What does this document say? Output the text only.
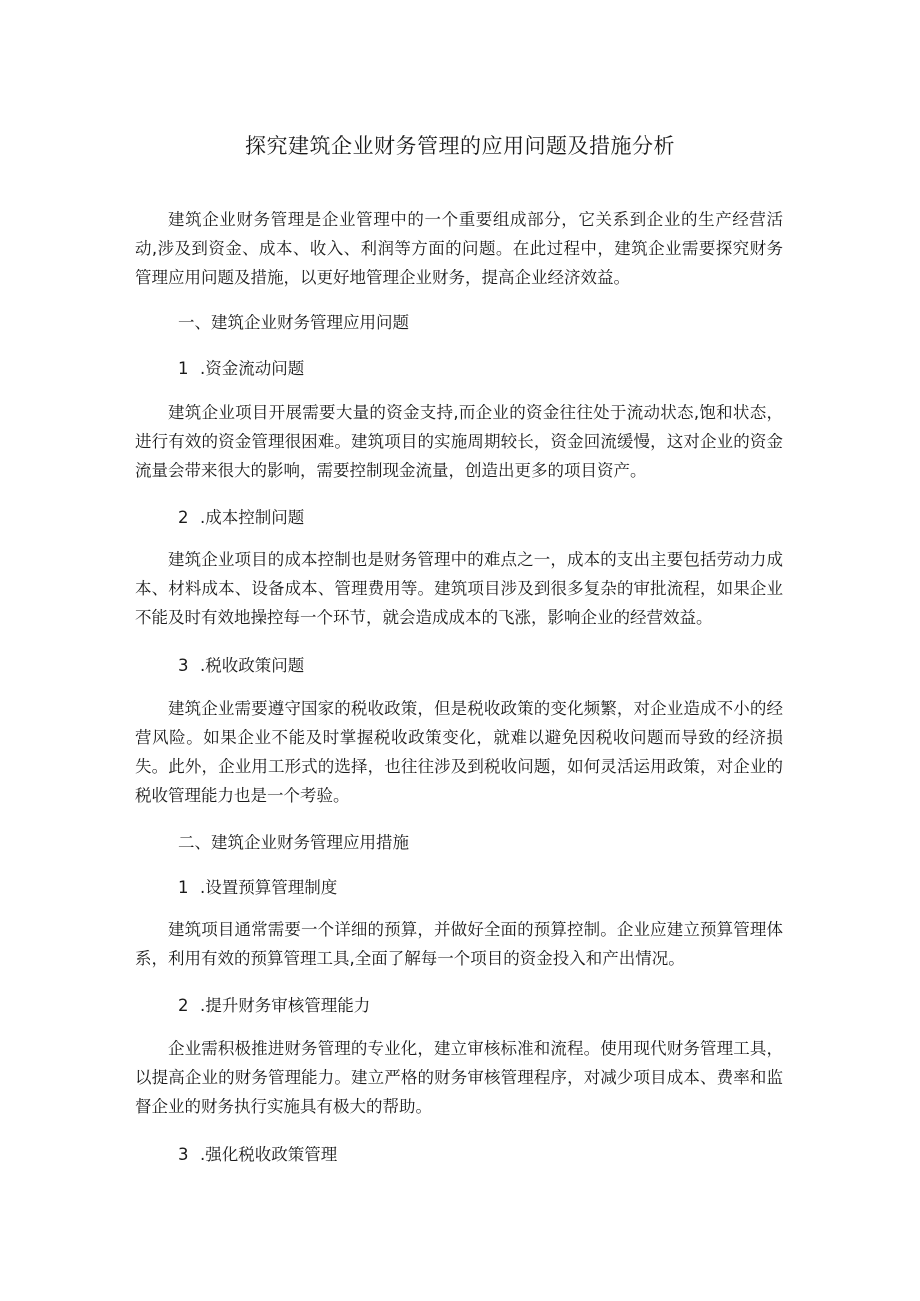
探究建筑企业财务管理的应用问题及措施分析
建筑企业财务管理是企业管理中的一个重要组成部分，它关系到企业的生产经营活动,涉及到资金、成本、收入、利润等方面的问题。在此过程中，建筑企业需要探究财务管理应用问题及措施，以更好地管理企业财务，提高企业经济效益。
一、建筑企业财务管理应用问题
1 .资金流动问题
建筑企业项目开展需要大量的资金支持,而企业的资金往往处于流动状态,饱和状态，进行有效的资金管理很困难。建筑项目的实施周期较长，资金回流缓慢，这对企业的资金流量会带来很大的影响，需要控制现金流量，创造出更多的项目资产。
2 .成本控制问题
建筑企业项目的成本控制也是财务管理中的难点之一，成本的支出主要包括劳动力成本、材料成本、设备成本、管理费用等。建筑项目涉及到很多复杂的审批流程，如果企业不能及时有效地操控每一个环节，就会造成成本的飞涨，影响企业的经营效益。
3 .税收政策问题
建筑企业需要遵守国家的税收政策，但是税收政策的变化频繁，对企业造成不小的经营风险。如果企业不能及时掌握税收政策变化，就难以避免因税收问题而导致的经济损失。此外，企业用工形式的选择，也往往涉及到税收问题，如何灵活运用政策，对企业的税收管理能力也是一个考验。
二、建筑企业财务管理应用措施
1 .设置预算管理制度
建筑项目通常需要一个详细的预算，并做好全面的预算控制。企业应建立预算管理体系，利用有效的预算管理工具,全面了解每一个项目的资金投入和产出情况。
2 .提升财务审核管理能力
企业需积极推进财务管理的专业化，建立审核标准和流程。使用现代财务管理工具，以提高企业的财务管理能力。建立严格的财务审核管理程序，对减少项目成本、费率和监督企业的财务执行实施具有极大的帮助。
3 .强化税收政策管理
